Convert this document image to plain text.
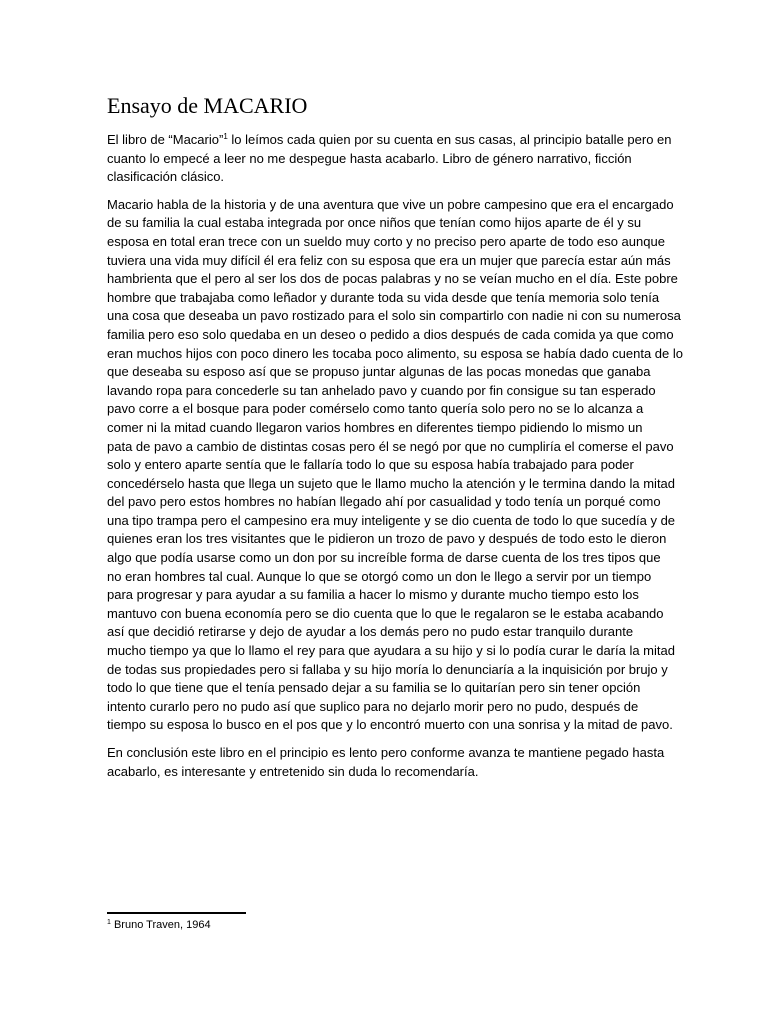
Ensayo de MACARIO

El libro de “Macario”$^1$ lo leímos cada quien por su cuenta en sus casas, al principio batalle pero en
cuanto lo empecé a leer no me despegue hasta acabarlo. Libro de género narrativo, ficción
clasificación clásico.

Macario habla de la historia y de una aventura que vive un pobre campesino que era el encargado
de su familia la cual estaba integrada por once niños que tenían como hijos aparte de él y su
esposa en total eran trece con un sueldo muy corto y no preciso pero aparte de todo eso aunque
tuviera una vida muy difícil él era feliz con su esposa que era un mujer que parecía estar aún más
hambrienta que el pero al ser los dos de pocas palabras y no se veían mucho en el día. Este pobre
hombre que trabajaba como leñador y durante toda su vida desde que tenía memoria solo tenía
una cosa que deseaba un pavo rostizado para el solo sin compartirlo con nadie ni con su numerosa
familia pero eso solo quedaba en un deseo o pedido a dios después de cada comida ya que como
eran muchos hijos con poco dinero les tocaba poco alimento, su esposa se había dado cuenta de lo
que deseaba su esposo así que se propuso juntar algunas de las pocas monedas que ganaba
lavando ropa para concederle su tan anhelado pavo y cuando por fin consigue su tan esperado
pavo corre a el bosque para poder comérselo como tanto quería solo pero no se lo alcanza a
comer ni la mitad cuando llegaron varios hombres en diferentes tiempo pidiendo lo mismo un
pata de pavo a cambio de distintas cosas pero él se negó por que no cumpliría el comerse el pavo
solo y entero aparte sentía que le fallaría todo lo que su esposa había trabajado para poder
concedérselo hasta que llega un sujeto que le llamo mucho la atención y le termina dando la mitad
del pavo pero estos hombres no habían llegado ahí por casualidad y todo tenía un porqué como
una tipo trampa pero el campesino era muy inteligente y se dio cuenta de todo lo que sucedía y de
quienes eran los tres visitantes que le pidieron un trozo de pavo y después de todo esto le dieron
algo que podía usarse como un don por su increíble forma de darse cuenta de los tres tipos que
no eran hombres tal cual. Aunque lo que se otorgó como un don le llego a servir por un tiempo
para progresar y para ayudar a su familia a hacer lo mismo y durante mucho tiempo esto los
mantuvo con buena economía pero se dio cuenta que lo que le regalaron se le estaba acabando
así que decidió retirarse y dejo de ayudar a los demás pero no pudo estar tranquilo durante
mucho tiempo ya que lo llamo el rey para que ayudara a su hijo y si lo podía curar le daría la mitad
de todas sus propiedades pero si fallaba y su hijo moría lo denunciaría a la inquisición por brujo y
todo lo que tiene que el tenía pensado dejar a su familia se lo quitarían pero sin tener opción
intento curarlo pero no pudo así que suplico para no dejarlo morir pero no pudo, después de
tiempo su esposa lo busco en el pos que y lo encontró muerto con una sonrisa y la mitad de pavo.

En conclusión este libro en el principio es lento pero conforme avanza te mantiene pegado hasta
acabarlo, es interesante y entretenido sin duda lo recomendaría.

$^1$ Bruno Traven, 1964
